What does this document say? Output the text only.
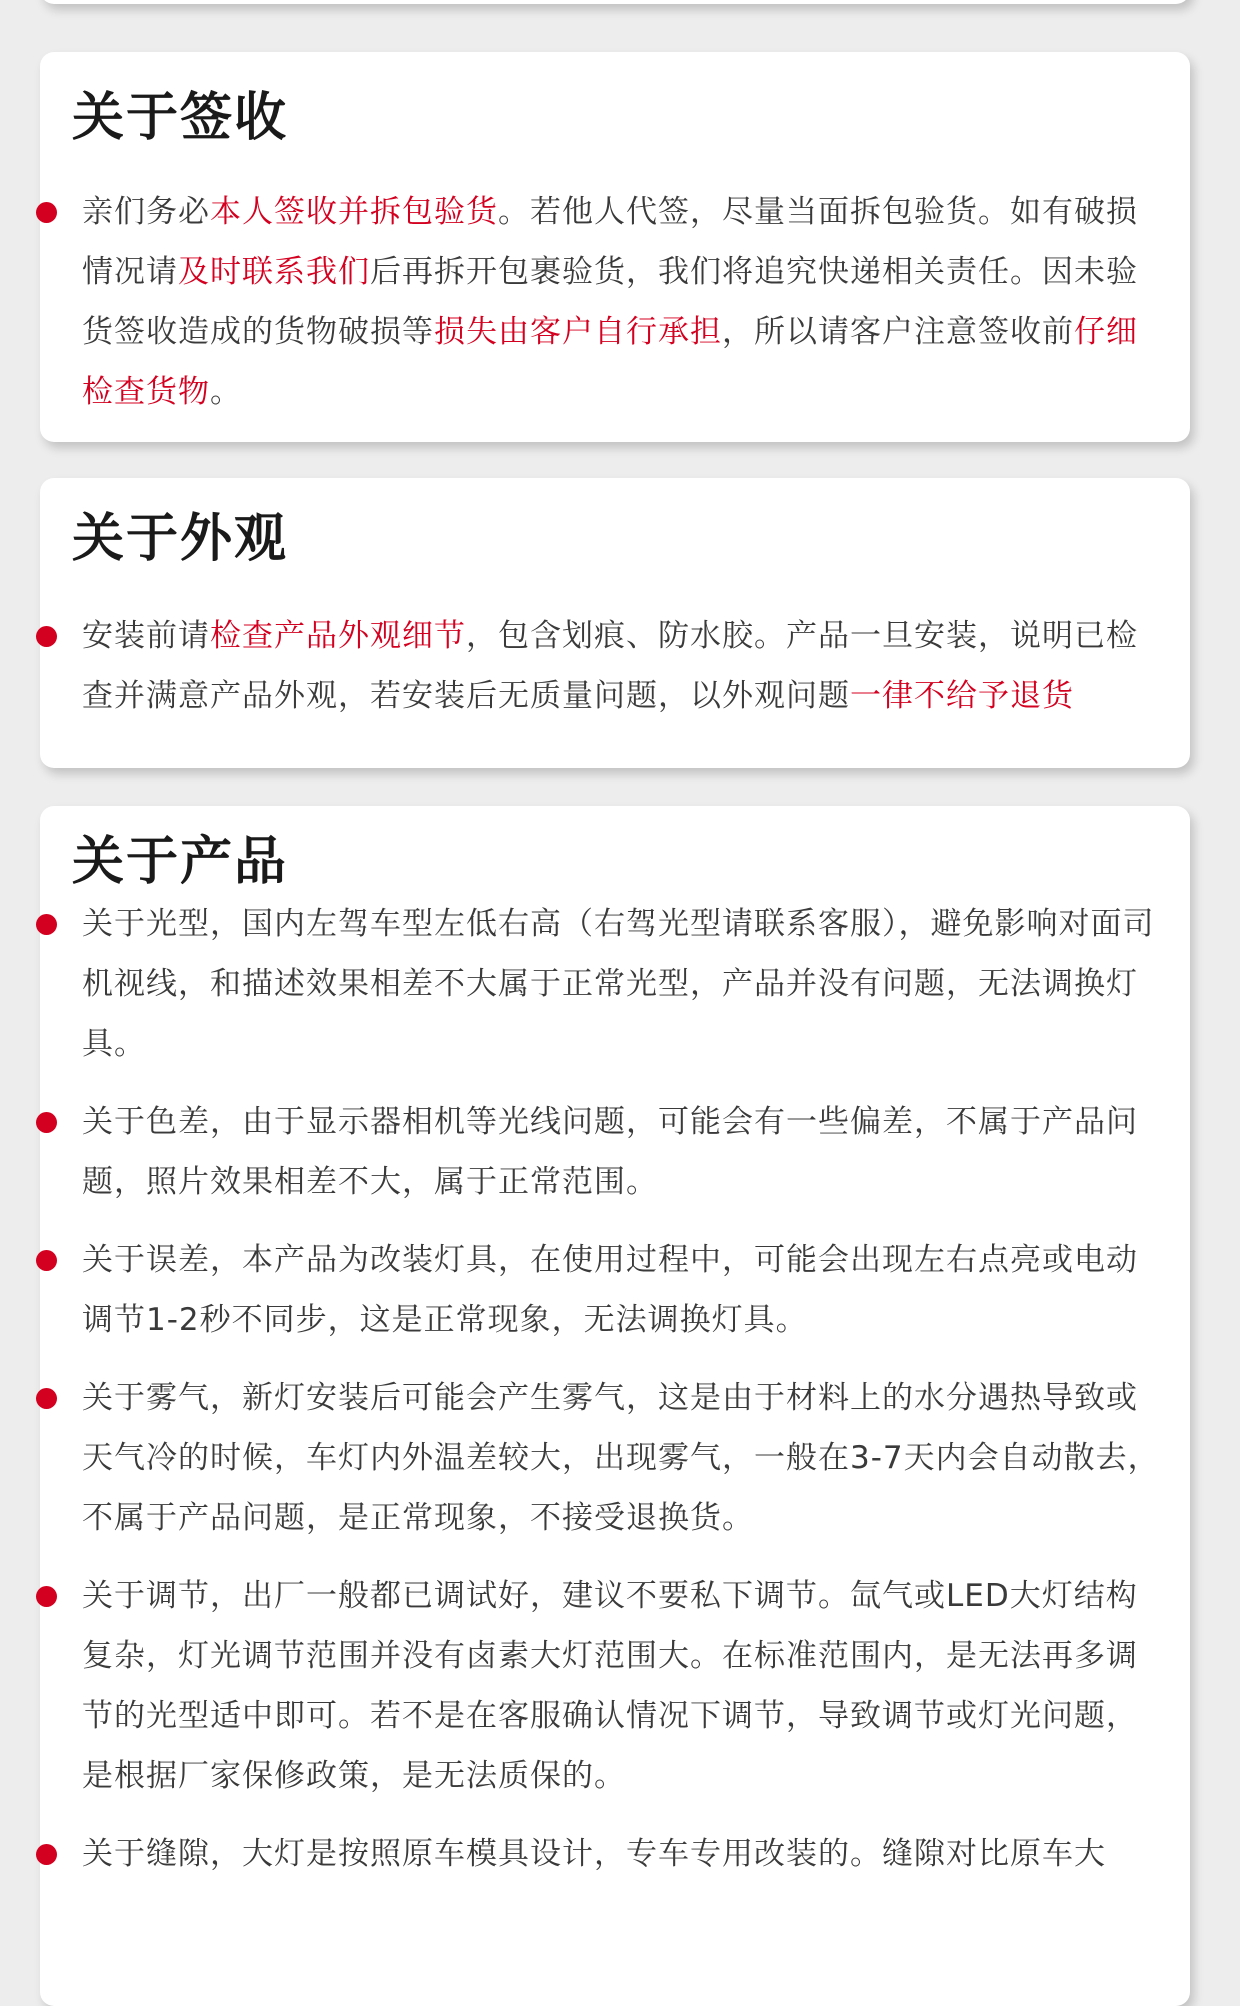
关于签收
亲们务必本人签收并拆包验货。若他人代签，尽量当面拆包验货。如有破损情况请及时联系我们后再拆开包裹验货，我们将追究快递相关责任。因未验货签收造成的货物破损等损失由客户自行承担，所以请客户注意签收前仔细检查货物。
关于外观
安装前请检查产品外观细节，包含划痕、防水胶。产品一旦安装，说明已检查并满意产品外观，若安装后无质量问题，以外观问题一律不给予退货
关于产品
关于光型，国内左驾车型左低右高（右驾光型请联系客服），避免影响对面司机视线，和描述效果相差不大属于正常光型，产品并没有问题，无法调换灯具。
关于色差，由于显示器相机等光线问题，可能会有一些偏差，不属于产品问题，照片效果相差不大，属于正常范围。
关于误差，本产品为改装灯具，在使用过程中，可能会出现左右点亮或电动调节1-2秒不同步，这是正常现象，无法调换灯具。
关于雾气，新灯安装后可能会产生雾气，这是由于材料上的水分遇热导致或天气冷的时候，车灯内外温差较大，出现雾气，一般在3-7天内会自动散去，不属于产品问题，是正常现象，不接受退换货。
关于调节，出厂一般都已调试好，建议不要私下调节。氙气或LED大灯结构复杂，灯光调节范围并没有卤素大灯范围大。在标准范围内，是无法再多调节的光型适中即可。若不是在客服确认情况下调节，导致调节或灯光问题，是根据厂家保修政策，是无法质保的。
关于缝隙，大灯是按照原车模具设计，专车专用改装的。缝隙对比原车大
